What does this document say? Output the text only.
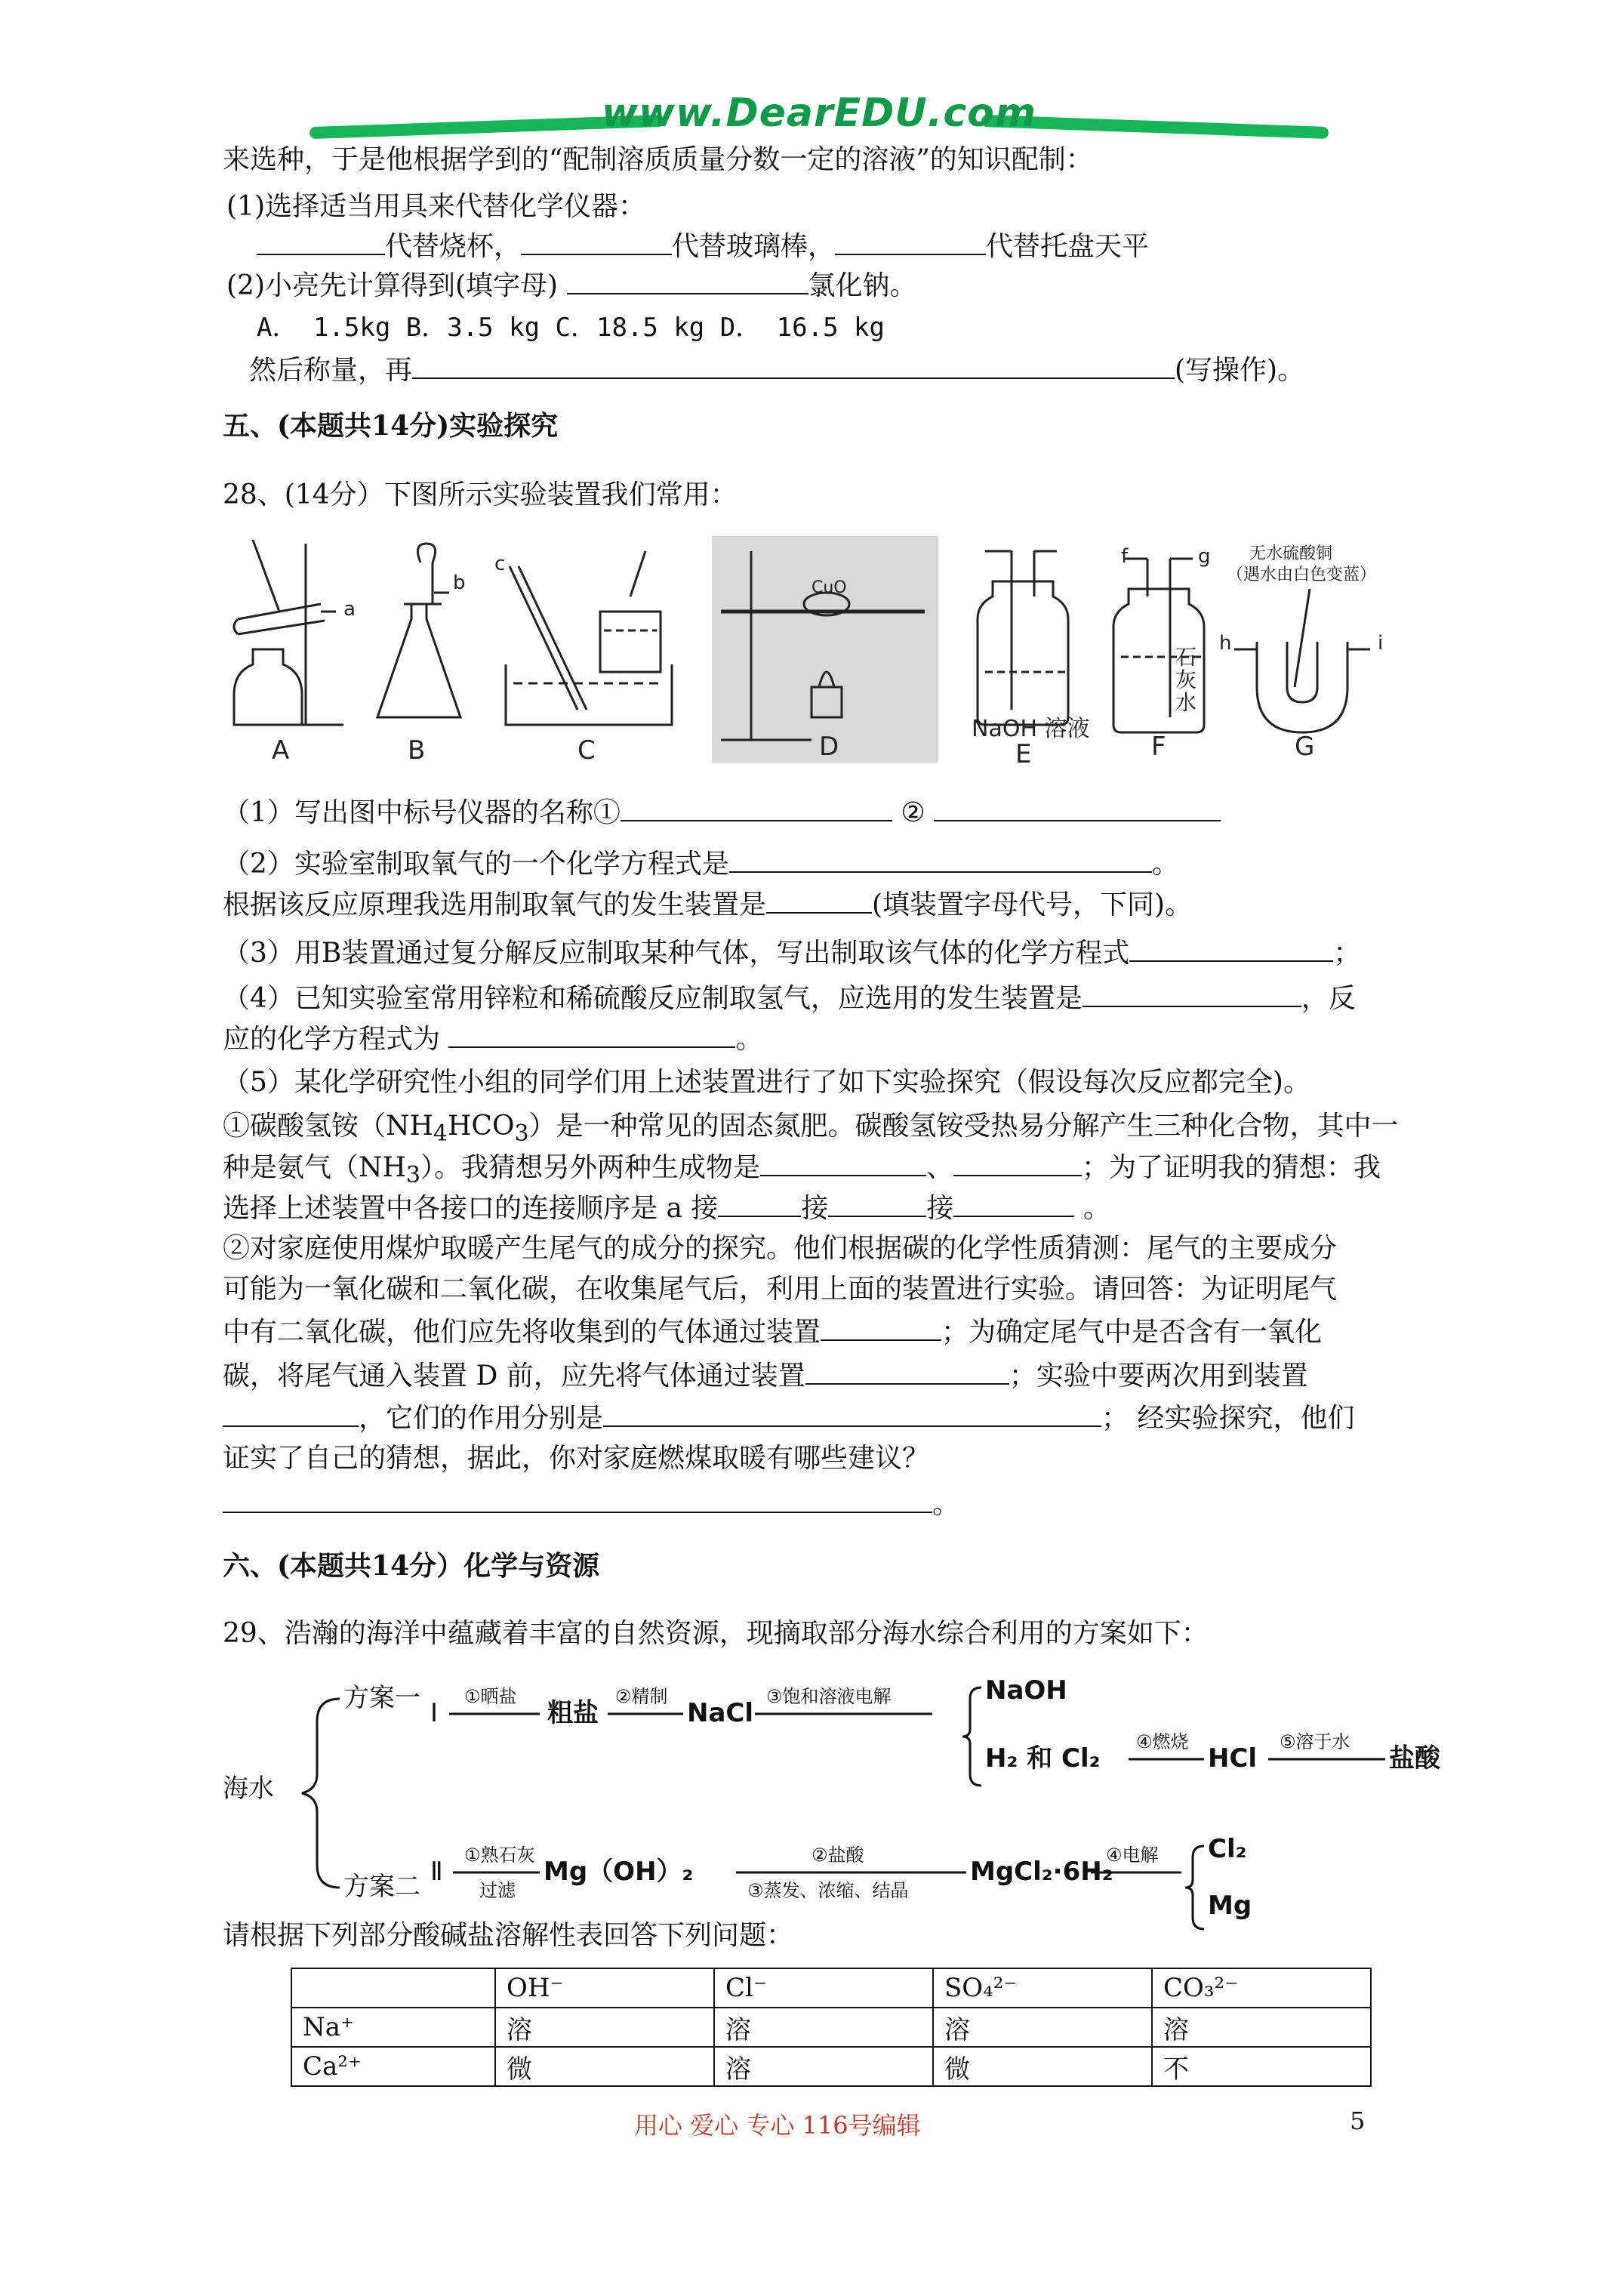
www.DearEDU.com
来选种，于是他根据学到的“配制溶质质量分数一定的溶液”的知识配制：
(1)选择适当用具来代替化学仪器：
代替烧杯，	代替玻璃棒，	代替托盘天平
(2)小亮先计算得到(填字母)	氯化钠。
A． 1.5kg B．3.5 kg C．18.5 kg D． 16.5 kg
然后称量，再	(写操作)。
五、(本题共14分)实验探究
28、(14分）下图所示实验装置我们常用：
A	B	C	D	E	F	G
a
b
c	f	g
h	i
CuO
NaOH 溶液
石
灰
水
无水硫酸铜
（遇水由白色变蓝）
（1）写出图中标号仪器的名称①	②
（2）实验室制取氧气的一个化学方程式是	。
根据该反应原理我选用制取氧气的发生装置是	(填装置字母代号，下同)。
（3）用B装置通过复分解反应制取某种气体，写出制取该气体的化学方程式	；
（4）已知实验室常用锌粒和稀硫酸反应制取氢气，应选用的发生装置是	，反
应的化学方程式为	。
（5）某化学研究性小组的同学们用上述装置进行了如下实验探究（假设每次反应都完全)。
①碳酸氢铵$(NH_4HCO_3)$是一种常见的固态氮肥。碳酸氢铵受热易分解产生三种化合物，其中一
种是氨气$(NH_3)$。我猜想另外两种生成物是	、	；为了证明我的猜想：我
选择上述装置中各接口的连接顺序是 a 接	接	接	。
②对家庭使用煤炉取暖产生尾气的成分的探究。他们根据碳的化学性质猜测：尾气的主要成分
可能为一氧化碳和二氧化碳，在收集尾气后，利用上面的装置进行实验。请回答：为证明尾气
中有二氧化碳，他们应先将收集到的气体通过装置	；为确定尾气中是否含有一氧化
碳，将尾气通入装置 D 前，应先将气体通过装置	；实验中要两次用到装置
，它们的作用分别是	； 经实验探究，他们
证实了自己的猜想，据此，你对家庭燃煤取暖有哪些建议？
。
六、(本题共14分）化学与资源
29、浩瀚的海洋中蕴藏着丰富的自然资源，现摘取部分海水综合利用的方案如下：
海水
方案一
方案二
Ⅰ
Ⅱ
①晒盐
粗盐
②精制
NaCl
③饱和溶液电解	NaOH
H₂ 和 Cl₂
④燃烧
HCl
⑤溶于水
盐酸
①熟石灰
过滤
Mg（OH）₂
②盐酸
③蒸发、浓缩、结晶
MgCl₂·6H₂
④电解 Cl₂
Mg
请根据下列部分酸碱盐溶解性表回答下列问题：
	OH⁻	Cl⁻	SO₄²⁻	CO₃²⁻
Na⁺	溶	溶	溶	溶
Ca²⁺	微	溶	微	不
用心 爱心 专心 116号编辑	5
